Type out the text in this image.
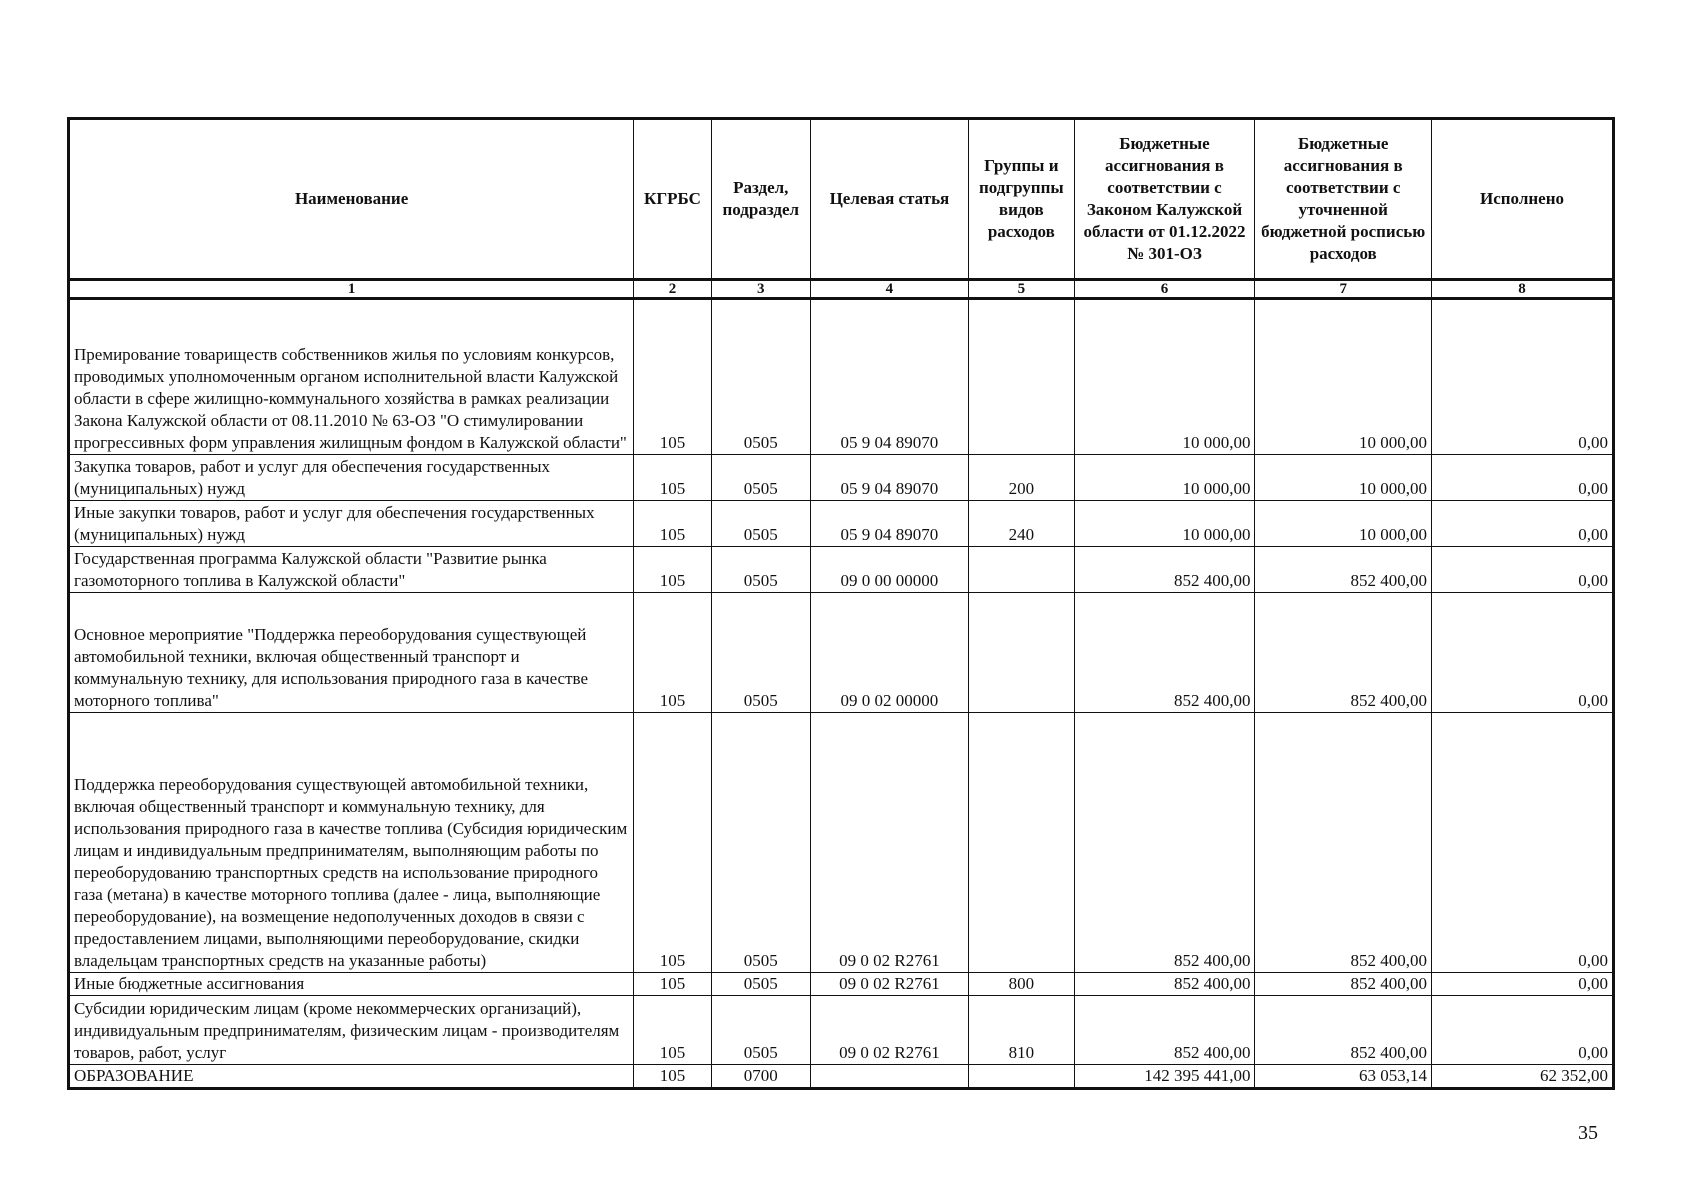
Наименование	КГРБС	Раздел, подраздел	Целевая статья	Группы и подгруппы видов расходов	Бюджетные ассигнования в соответствии с Законом Калужской области от 01.12.2022 № 301-ОЗ	Бюджетные ассигнования в соответствии с уточненной бюджетной росписью расходов	Исполнено
1	2	3	4	5	6	7	8
Премирование товариществ собственников жилья по условиям конкурсов, проводимых уполномоченным органом исполнительной власти Калужской области в сфере жилищно-коммунального хозяйства в рамках реализации Закона Калужской области от 08.11.2010 № 63-ОЗ "О стимулировании прогрессивных форм управления жилищным фондом в Калужской области"	105	0505	05 9 04 89070		10 000,00	10 000,00	0,00
Закупка товаров, работ и услуг для обеспечения государственных (муниципальных) нужд	105	0505	05 9 04 89070	200	10 000,00	10 000,00	0,00
Иные закупки товаров, работ и услуг для обеспечения государственных (муниципальных) нужд	105	0505	05 9 04 89070	240	10 000,00	10 000,00	0,00
Государственная программа Калужской области "Развитие рынка газомоторного топлива в Калужской области"	105	0505	09 0 00 00000		852 400,00	852 400,00	0,00
Основное мероприятие "Поддержка переоборудования существующей автомобильной техники, включая общественный транспорт и коммунальную технику, для использования природного газа в качестве моторного топлива"	105	0505	09 0 02 00000		852 400,00	852 400,00	0,00
Поддержка переоборудования существующей автомобильной техники, включая общественный транспорт и коммунальную технику, для использования природного газа в качестве топлива (Субсидия юридическим лицам и индивидуальным предпринимателям, выполняющим работы по переоборудованию транспортных средств на использование природного газа (метана) в качестве моторного топлива (далее - лица, выполняющие переоборудование), на возмещение недополученных доходов в связи с предоставлением лицами, выполняющими переоборудование, скидки владельцам транспортных средств на указанные работы)	105	0505	09 0 02 R2761		852 400,00	852 400,00	0,00
Иные бюджетные ассигнования	105	0505	09 0 02 R2761	800	852 400,00	852 400,00	0,00
Субсидии юридическим лицам (кроме некоммерческих организаций), индивидуальным предпринимателям, физическим лицам - производителям товаров, работ, услуг	105	0505	09 0 02 R2761	810	852 400,00	852 400,00	0,00
ОБРАЗОВАНИЕ	105	0700			142 395 441,00	63 053,14	62 352,00
35
